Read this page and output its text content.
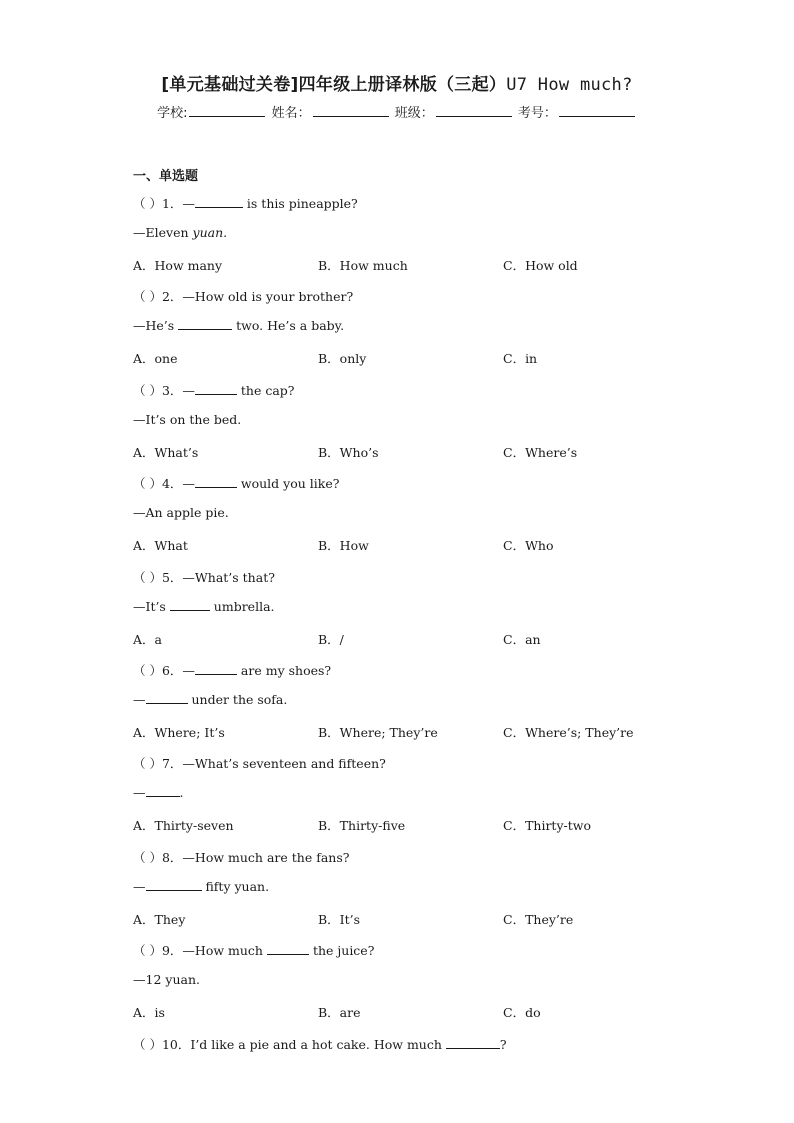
[单元基础过关卷]四年级上册译林版（三起）U7 How much?
学校:	姓名：	班级：	考号：
一、单选题
（ ）1．—	is this pineapple?
—Eleven yuan.
A．How many	B．How much	C．How old
（ ）2．—How old is your brother?
—He’s	two. He’s a baby.
A．one	B．only	C．in
（ ）3．—	the cap?
—It’s on the bed.
A．What’s	B．Who’s	C．Where’s
（ ）4．—	would you like?
—An apple pie.
A．What	B．How	C．Who
（ ）5．—What’s that?
—It’s	umbrella.
A．a	B．/	C．an
（ ）6．—	are my shoes?
—	under the sofa.
A．Where; It’s	B．Where; They’re	C．Where’s; They’re
（ ）7．—What’s seventeen and fifteen?
—	.
A．Thirty-seven	B．Thirty-five	C．Thirty-two
（ ）8．—How much are the fans?
—	fifty yuan.
A．They	B．It’s	C．They’re
（ ）9．—How much	the juice?
—12 yuan.
A．is	B．are	C．do
（ ）10．I’d like a pie and a hot cake. How much	?
